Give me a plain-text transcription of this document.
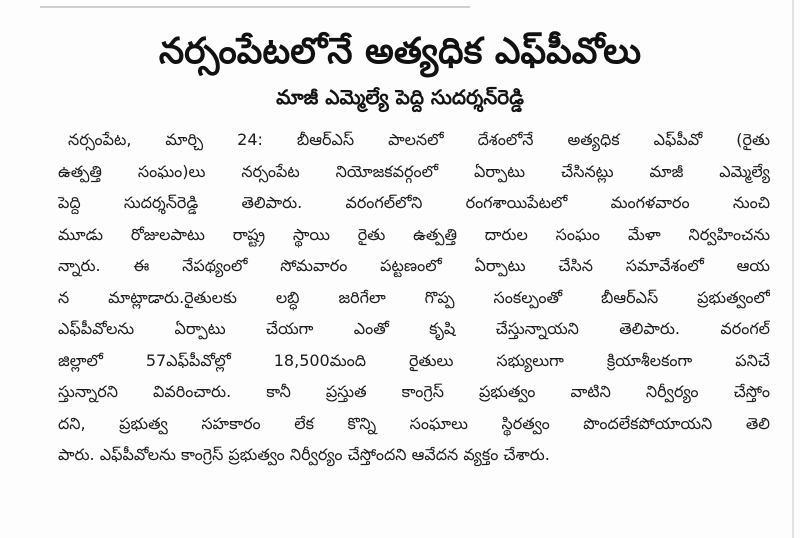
నర్సంపేటలోనే అత్యధిక ఎఫ్‌పీవోలు
మాజీ ఎమ్మెల్యే పెద్ది సుదర్శన్‌రెడ్డి
నర్సంపేట, మార్చి 24: బీఆర్‌ఎస్ పాలనలో దేశంలోనే అత్యధిక ఎఫ్‌పీవో (రైతు
ఉత్పత్తి సంఘం)లు నర్సంపేట నియోజకవర్గంలో ఏర్పాటు చేసినట్లు మాజీ ఎమ్మెల్యే
పెద్ది సుదర్శన్‌రెడ్డి తెలిపారు. వరంగల్‌లోని రంగశాయిపేటలో మంగళవారం నుంచి
మూడు రోజులపాటు రాష్ట్ర స్థాయి రైతు ఉత్పత్తి దారుల సంఘం మేళా నిర్వహించను
న్నారు. ఈ నేపథ్యంలో సోమవారం పట్టణంలో ఏర్పాటు చేసిన సమావేశంలో ఆయ
న మాట్లాడారు.రైతులకు లబ్ధి జరిగేలా గొప్ప సంకల్పంతో బీఆర్‌ఎస్ ప్రభుత్వంలో
ఎఫ్‌పీవోలను ఏర్పాటు చేయగా ఎంతో కృషి చేస్తున్నాయని తెలిపారు. వరంగల్
జిల్లాలో 57ఎఫ్‌పీవోల్లో 18,500మంది రైతులు సభ్యులుగా క్రియాశీలకంగా పనిచే
స్తున్నారని వివరించారు. కానీ ప్రస్తుత కాంగ్రెస్ ప్రభుత్వం వాటిని నిర్వీర్యం చేస్తోం
దని, ప్రభుత్వ సహకారం లేక కొన్ని సంఘాలు స్థిరత్వం పొందలేకపోయాయని తెలి
పారు. ఎఫ్‌పీవోలను కాంగ్రెస్ ప్రభుత్వం నిర్వీర్యం చేస్తోందని ఆవేదన వ్యక్తం చేశారు.
